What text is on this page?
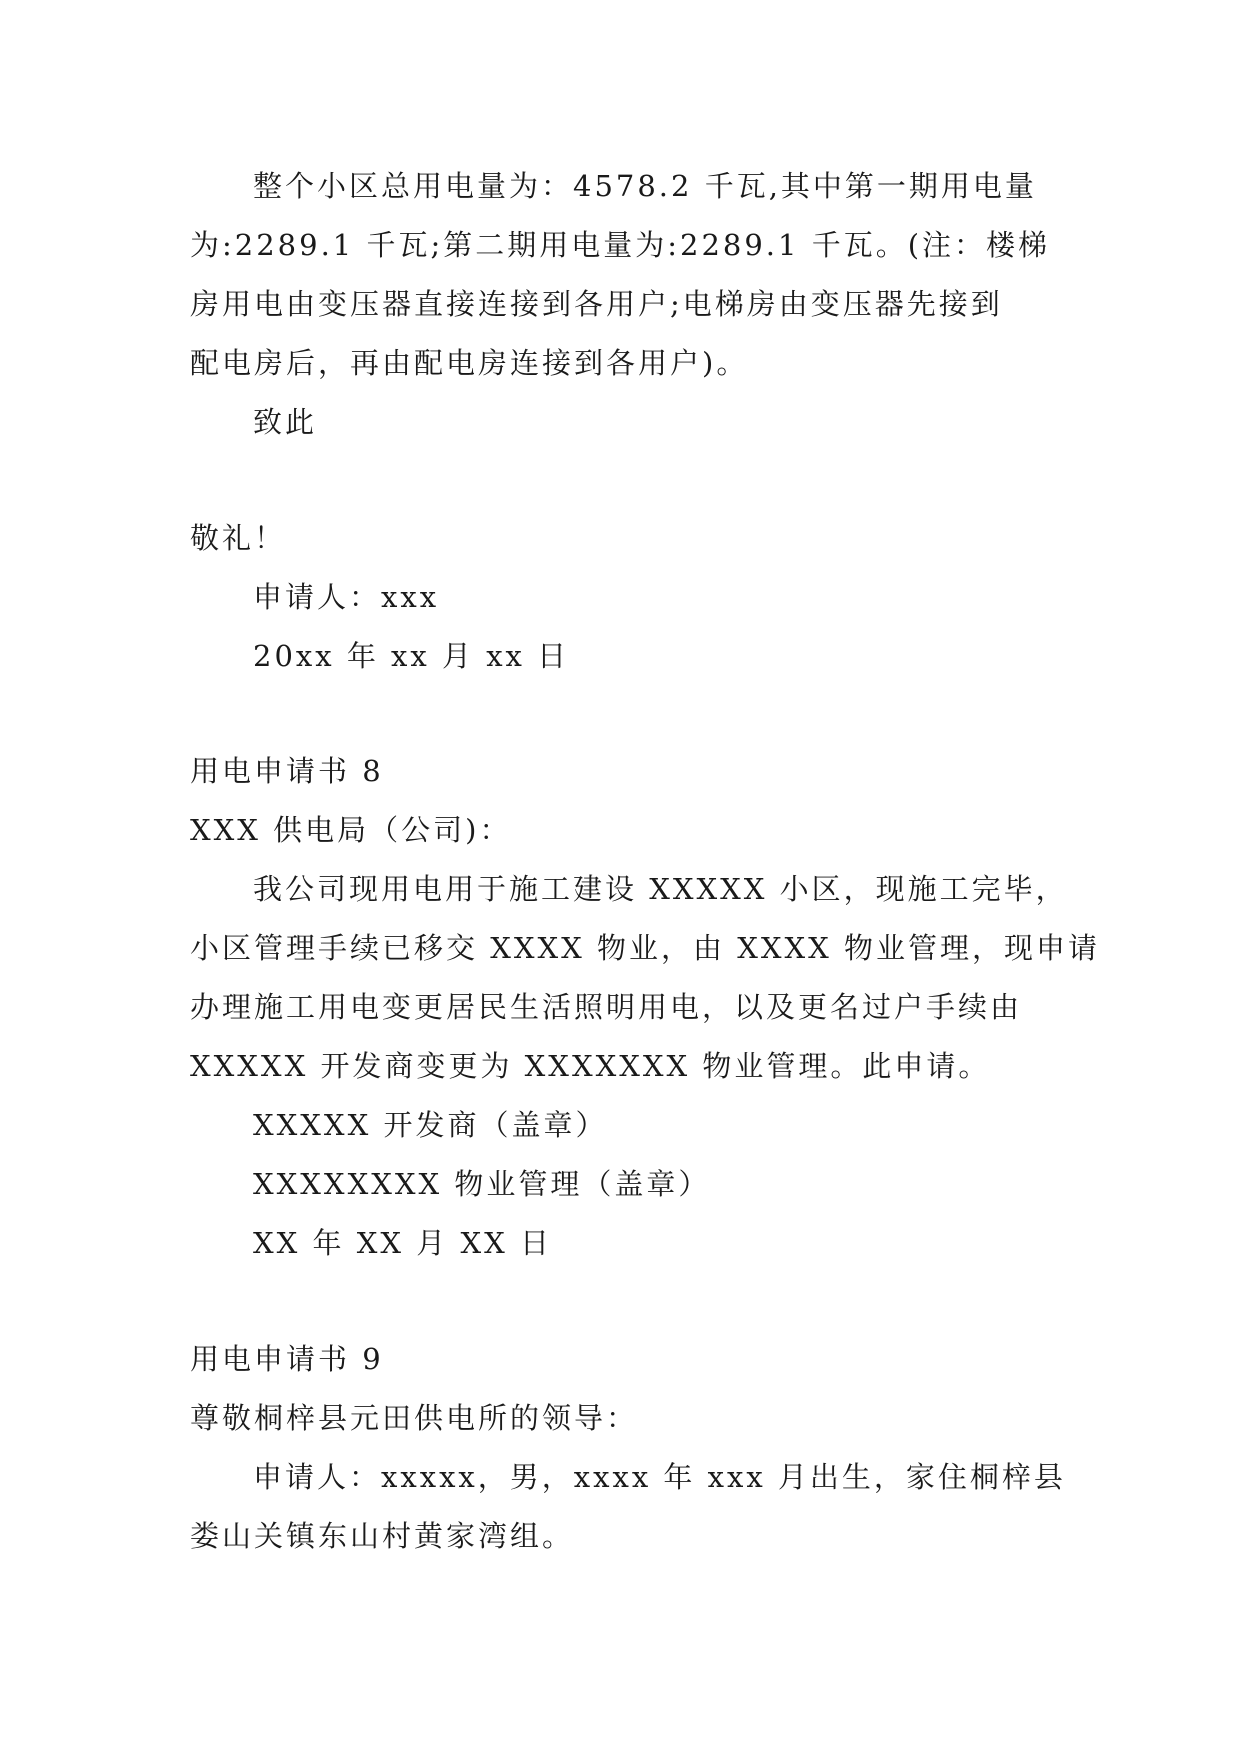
整个小区总用电量为：4578.2 千瓦,其中第一期用电量

为:2289.1 千瓦;第二期用电量为:2289.1 千瓦。(注：楼梯

房用电由变压器直接连接到各用户;电梯房由变压器先接到

配电房后，再由配电房连接到各用户)。

致此

敬礼！

申请人：xxx

20xx 年 xx 月 xx 日

用电申请书 8

XXX 供电局（公司)：

我公司现用电用于施工建设 XXXXX 小区，现施工完毕，

小区管理手续已移交 XXXX 物业，由 XXXX 物业管理，现申请

办理施工用电变更居民生活照明用电，以及更名过户手续由

XXXXX 开发商变更为 XXXXXXX 物业管理。此申请。

XXXXX 开发商（盖章）

XXXXXXXX 物业管理（盖章）

XX 年 XX 月 XX 日

用电申请书 9

尊敬桐梓县元田供电所的领导：

申请人：xxxxx，男，xxxx 年 xxx 月出生，家住桐梓县

娄山关镇东山村黄家湾组。
